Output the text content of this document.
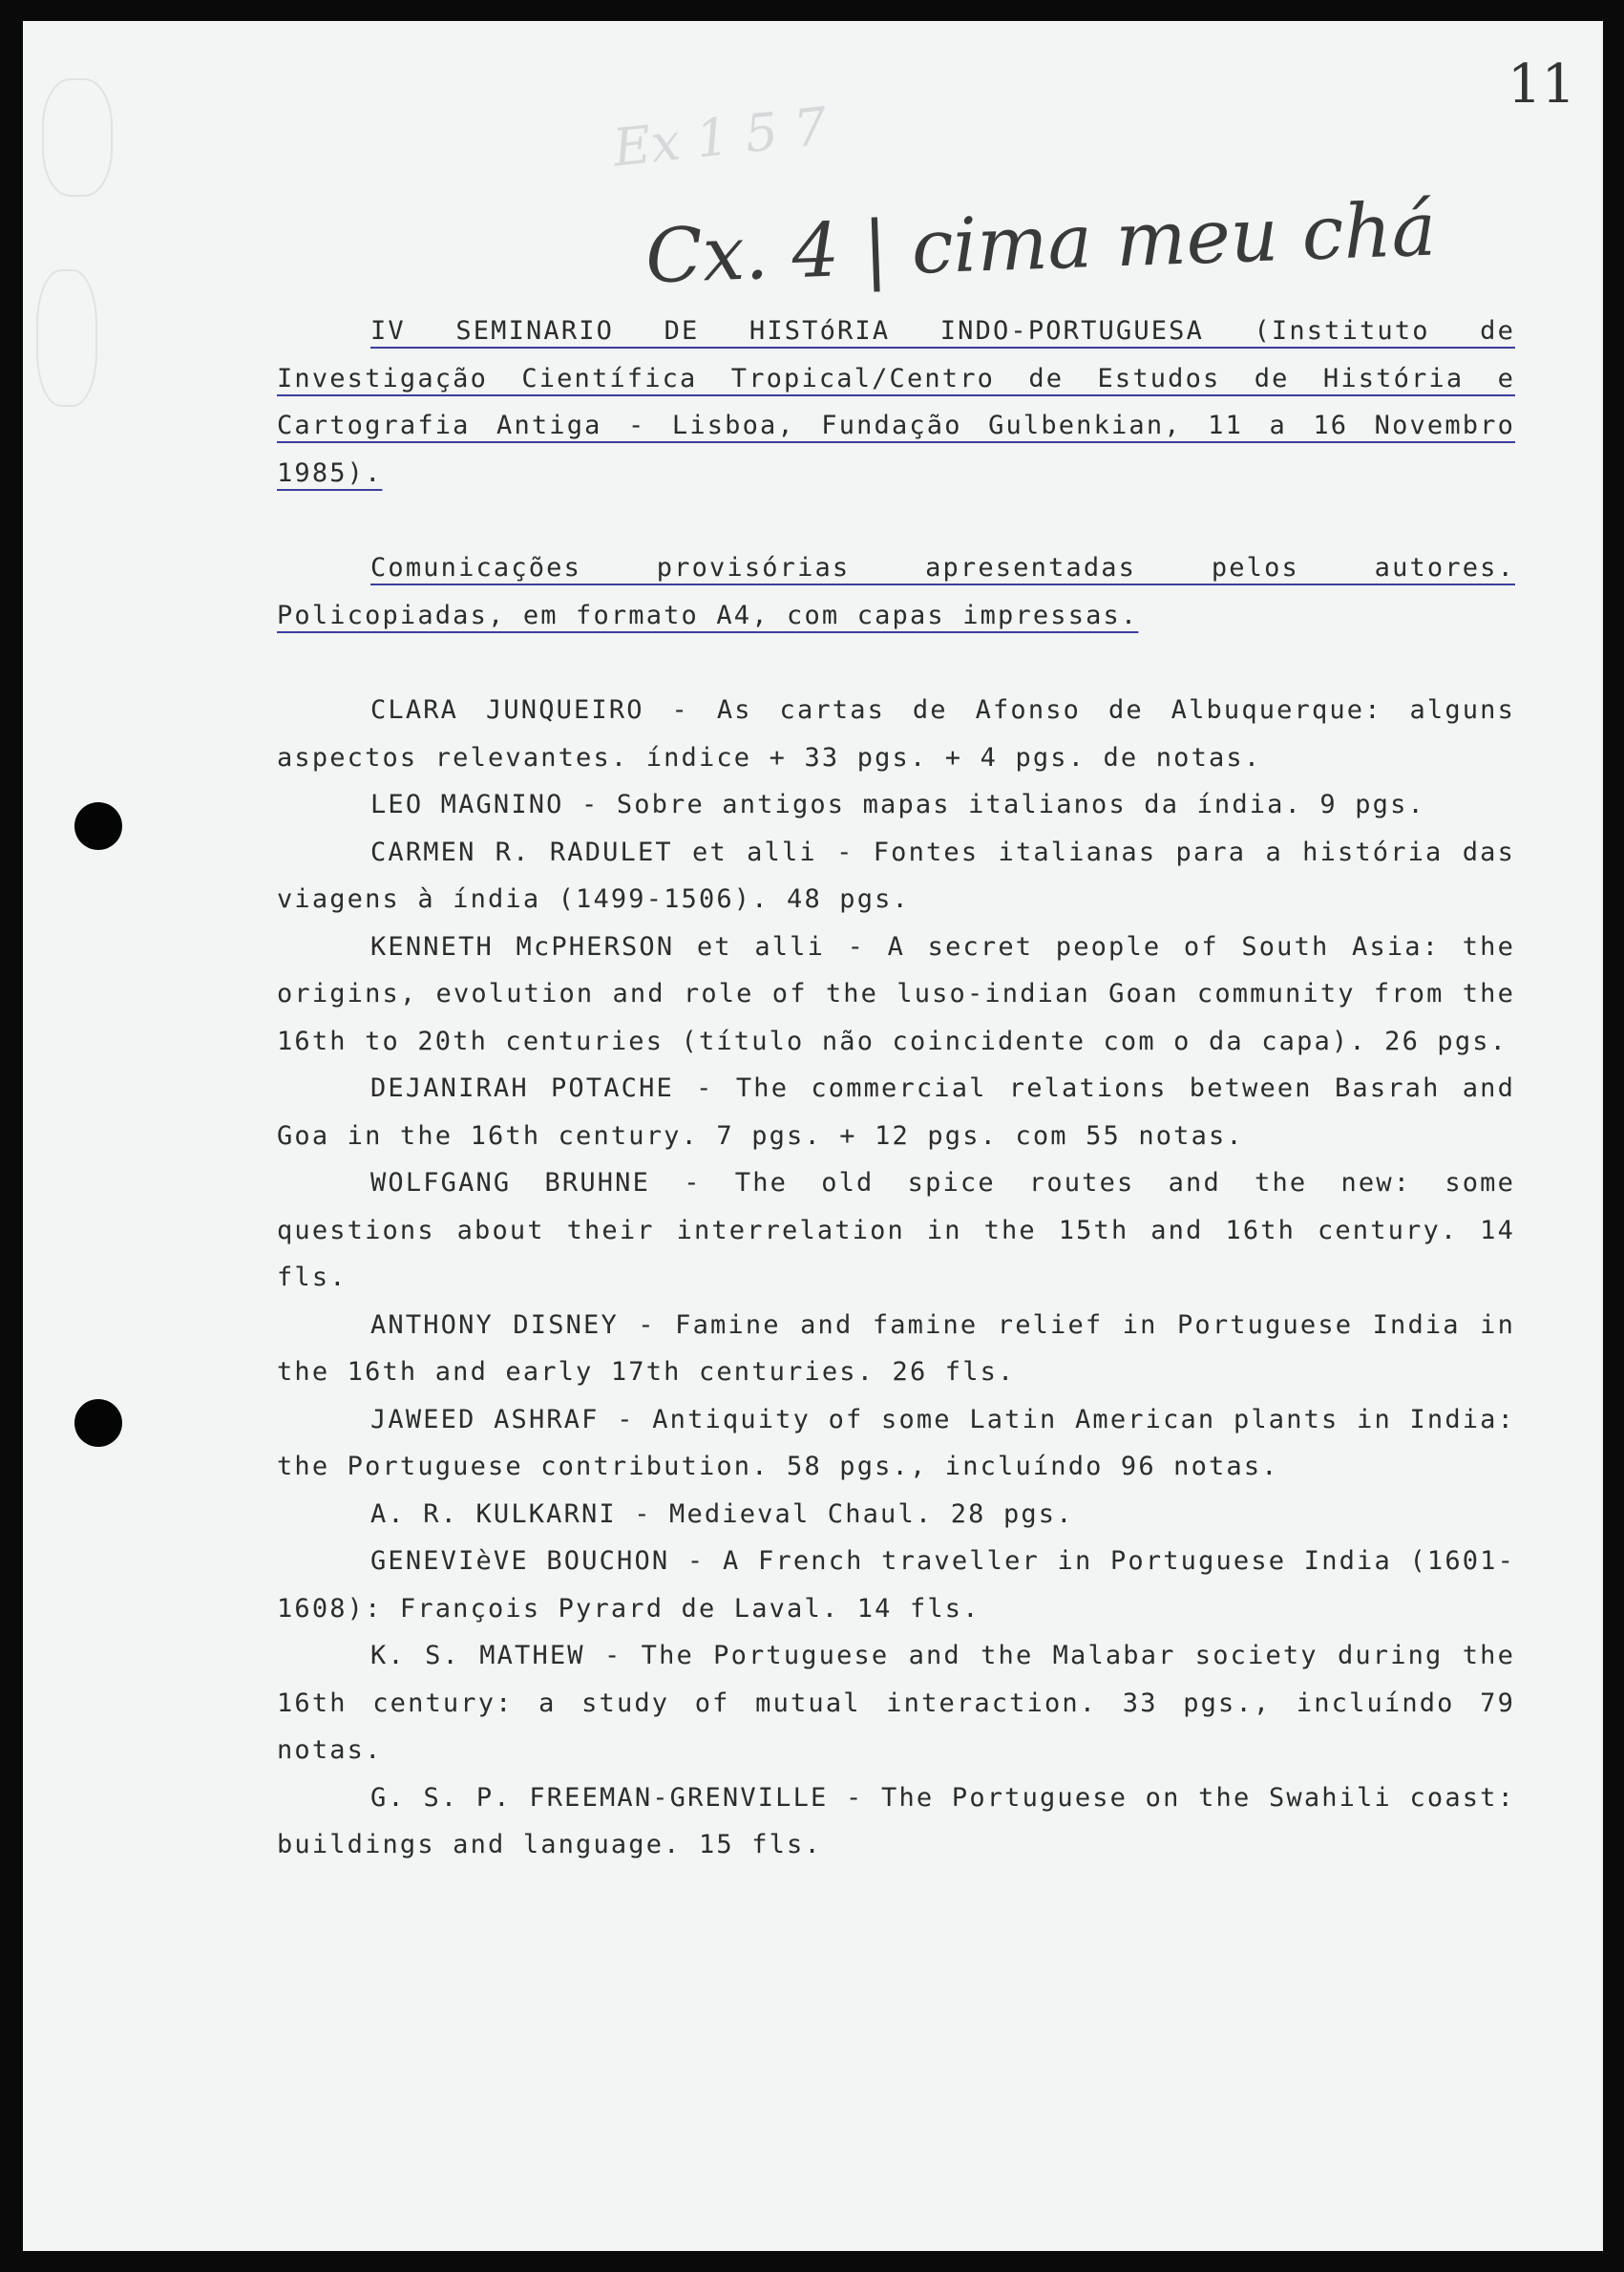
Ex 1 5 7
11
Cx. 4 | cima meu chá

IV SEMINARIO DE HISTóRIA INDO-PORTUGUESA (Instituto de Investigação Científica Tropical/Centro de Estudos de História e Cartografia Antiga - Lisboa, Fundação Gulbenkian, 11 a 16 Novembro 1985).

Comunicações provisórias apresentadas pelos autores. Policopiadas, em formato A4, com capas impressas.

CLARA JUNQUEIRO - As cartas de Afonso de Albuquerque: alguns aspectos relevantes. índice + 33 pgs. + 4 pgs. de notas.

LEO MAGNINO - Sobre antigos mapas italianos da índia. 9 pgs.

CARMEN R. RADULET et alli - Fontes italianas para a história das viagens à índia (1499-1506). 48 pgs.

KENNETH McPHERSON et alli - A secret people of South Asia: the origins, evolution and role of the luso-indian Goan community from the 16th to 20th centuries (título não coincidente com o da capa). 26 pgs.

DEJANIRAH POTACHE - The commercial relations between Basrah and Goa in the 16th century. 7 pgs. + 12 pgs. com 55 notas.

WOLFGANG BRUHNE - The old spice routes and the new: some questions about their interrelation in the 15th and 16th century. 14 fls.

ANTHONY DISNEY - Famine and famine relief in Portuguese India in the 16th and early 17th centuries. 26 fls.

JAWEED ASHRAF - Antiquity of some Latin American plants in India: the Portuguese contribution. 58 pgs., incluíndo 96 notas.

A. R. KULKARNI - Medieval Chaul. 28 pgs.

GENEVIèVE BOUCHON - A French traveller in Portuguese India (1601-1608): François Pyrard de Laval. 14 fls.

K. S. MATHEW - The Portuguese and the Malabar society during the 16th century: a study of mutual interaction. 33 pgs., incluíndo 79 notas.

G. S. P. FREEMAN-GRENVILLE - The Portuguese on the Swahili coast: buildings and language. 15 fls.
